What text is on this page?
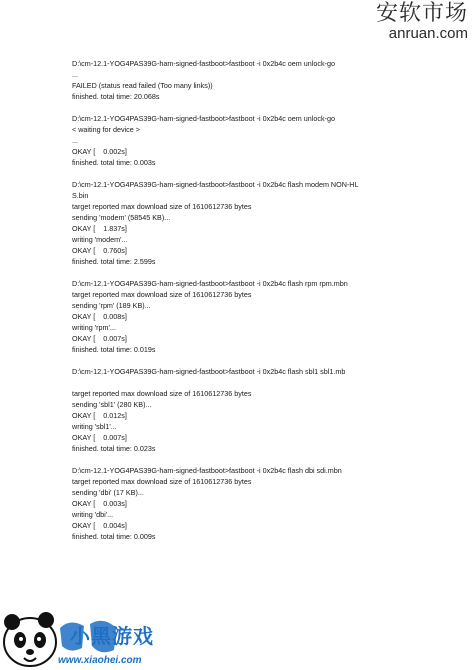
安软市场
anruan.com
D:\cm-12.1-YOG4PAS39G-ham-signed-fastboot>fastboot -i 0x2b4c oem unlock-go
...
FAILED (status read failed (Too many links))
finished. total time: 20.068s
D:\cm-12.1-YOG4PAS39G-ham-signed-fastboot>fastboot -i 0x2b4c oem unlock-go
< waiting for device >
...
OKAY [    0.002s]
finished. total time: 0.003s
D:\cm-12.1-YOG4PAS39G-ham-signed-fastboot>fastboot -i 0x2b4c flash modem NON-HL
S.bin
target reported max download size of 1610612736 bytes
sending 'modem' (58545 KB)...
OKAY [    1.837s]
writing 'modem'...
OKAY [    0.760s]
finished. total time: 2.599s
D:\cm-12.1-YOG4PAS39G-ham-signed-fastboot>fastboot -i 0x2b4c flash rpm rpm.mbn
target reported max download size of 1610612736 bytes
sending 'rpm' (189 KB)...
OKAY [    0.008s]
writing 'rpm'...
OKAY [    0.007s]
finished. total time: 0.019s
D:\cm-12.1-YOG4PAS39G-ham-signed-fastboot>fastboot -i 0x2b4c flash sbl1 sbl1.mb
target reported max download size of 1610612736 bytes
sending 'sbl1' (280 KB)...
OKAY [    0.012s]
writing 'sbl1'...
OKAY [    0.007s]
finished. total time: 0.023s
D:\cm-12.1-YOG4PAS39G-ham-signed-fastboot>fastboot -i 0x2b4c flash dbi sdi.mbn
target reported max download size of 1610612736 bytes
sending 'dbi' (17 KB)...
OKAY [    0.003s]
writing 'dbi'...
OKAY [    0.004s]
finished. total time: 0.009s
小黑游戏
www.xiaohei.com
